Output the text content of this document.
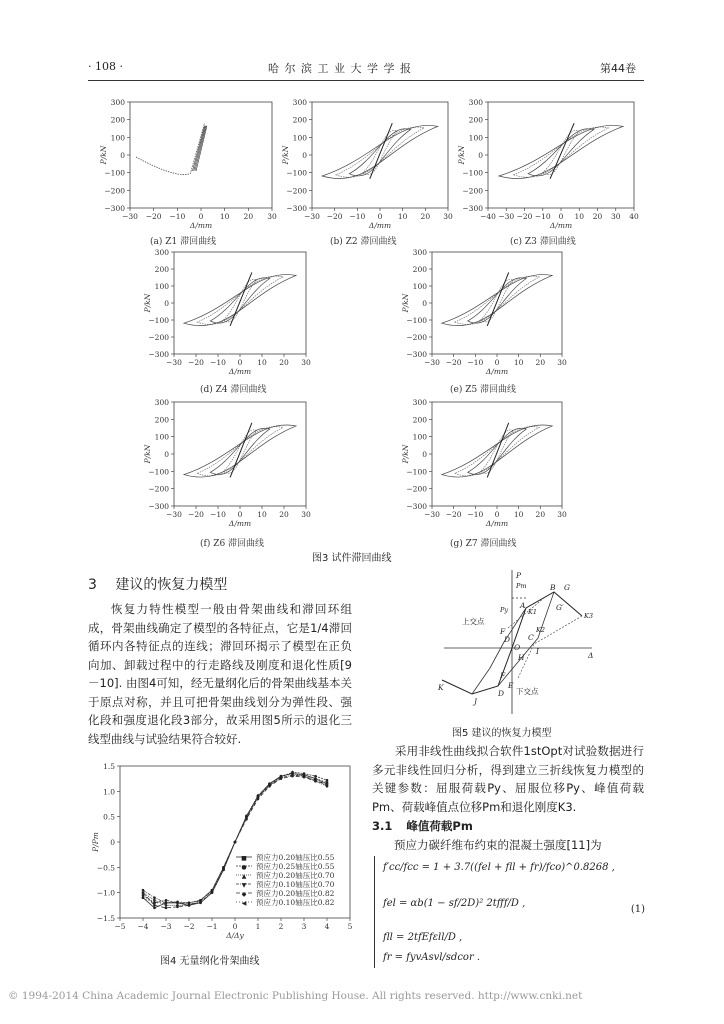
· 108 ·	哈 尔 滨 工 业 大 学 学 报	第44卷
300
200
100
0
−100
−200
−300
−30 −20 −10 0 10 20 30
P/kN
Δ/mm
300
200
100
0
−100
−200
−300
−30 −20 −10 0 10 20 30
P/kN
Δ/mm
300
200
100
0
−100
−200
−300
−40 −30 −20 −10 0 10 20 30 40
P/kN
Δ/mm
300
200
100
0
−100
−200
−300
−30 −20 −10 0 10 20 30
P/kN
Δ/mm
300
200
100
0
−100
−200
−300
−30 −20 −10 0 10 20 30
P/kN
Δ/mm
300
200
100
0
−100
−200
−300
−30 −20 −10 0 10 20 30
P/kN
Δ/mm
300
200
100
0
−100
−200
−300
−30 −20 −10 0 10 20 30
P/kN
Δ/mm
图3 试件滞回曲线
3 建议的恢复力模型
恢复力特性模型一般由骨架曲线和滞回环组成，骨架曲线确定了模型的各特征点，它是1/4滞回循环内各特征点的连线；滞回环揭示了模型在正负向加、卸载过程中的行走路线及刚度和退化性质[9－10]. 由图4可知，经无量纲化后的骨架曲线基本关于原点对称，并且可把骨架曲线划分为弹性段、强化段和强度退化段3部分，故采用图5所示的退化三线型曲线与试验结果符合较好.
1.5
1.0
0.5
0
−0.5
−1.0
−1.5
−5 −4 −3 −2 −1 0 1 2 3 4 5
P/Pm
Δ/Δy
■ 预应力0.20轴压比0.55
● 预应力0.25轴压比0.55
▲ 预应力0.20轴压比0.70
▼ 预应力0.10轴压比0.70
◆ 预应力0.20轴压比0.82
◀ 预应力0.10轴压比0.82
图4 无量纲化骨架曲线
P
Pm
Py
Δ
上交点
下交点
A
B G
G′
K3
K1
K2
C
I
D
O
F
F
E
D
J
K
H
图5 建议的恢复力模型
采用非线性曲线拟合软件1stOpt对试验数据进行多元非线性回归分析，得到建立三折线恢复力模型的关键参数：屈服荷载Py、屈服位移Py、峰值荷载Pm、荷载峰值点位移Pm和退化刚度K3.
3.1 峰值荷载Pm
预应力碳纤维布约束的混凝土强度[11]为
f′cc/fcc = 1 + 3.7((fel + fll + fr)/fco)^0.8268 ,
fel = αb(1 − sf/2D)² 2tfff/D ,
fll = 2tfEfεll/D ,
fr = fyvAsvl/sdcor .
(1)
© 1994-2014 China Academic Journal Electronic Publishing House. All rights reserved. http://www.cnki.net
(a) Z1 滞回曲线	(b) Z2 滞回曲线	(c) Z3 滞回曲线
(d) Z4 滞回曲线	(e) Z5 滞回曲线
(f) Z6 滞回曲线	(g) Z7 滞回曲线
